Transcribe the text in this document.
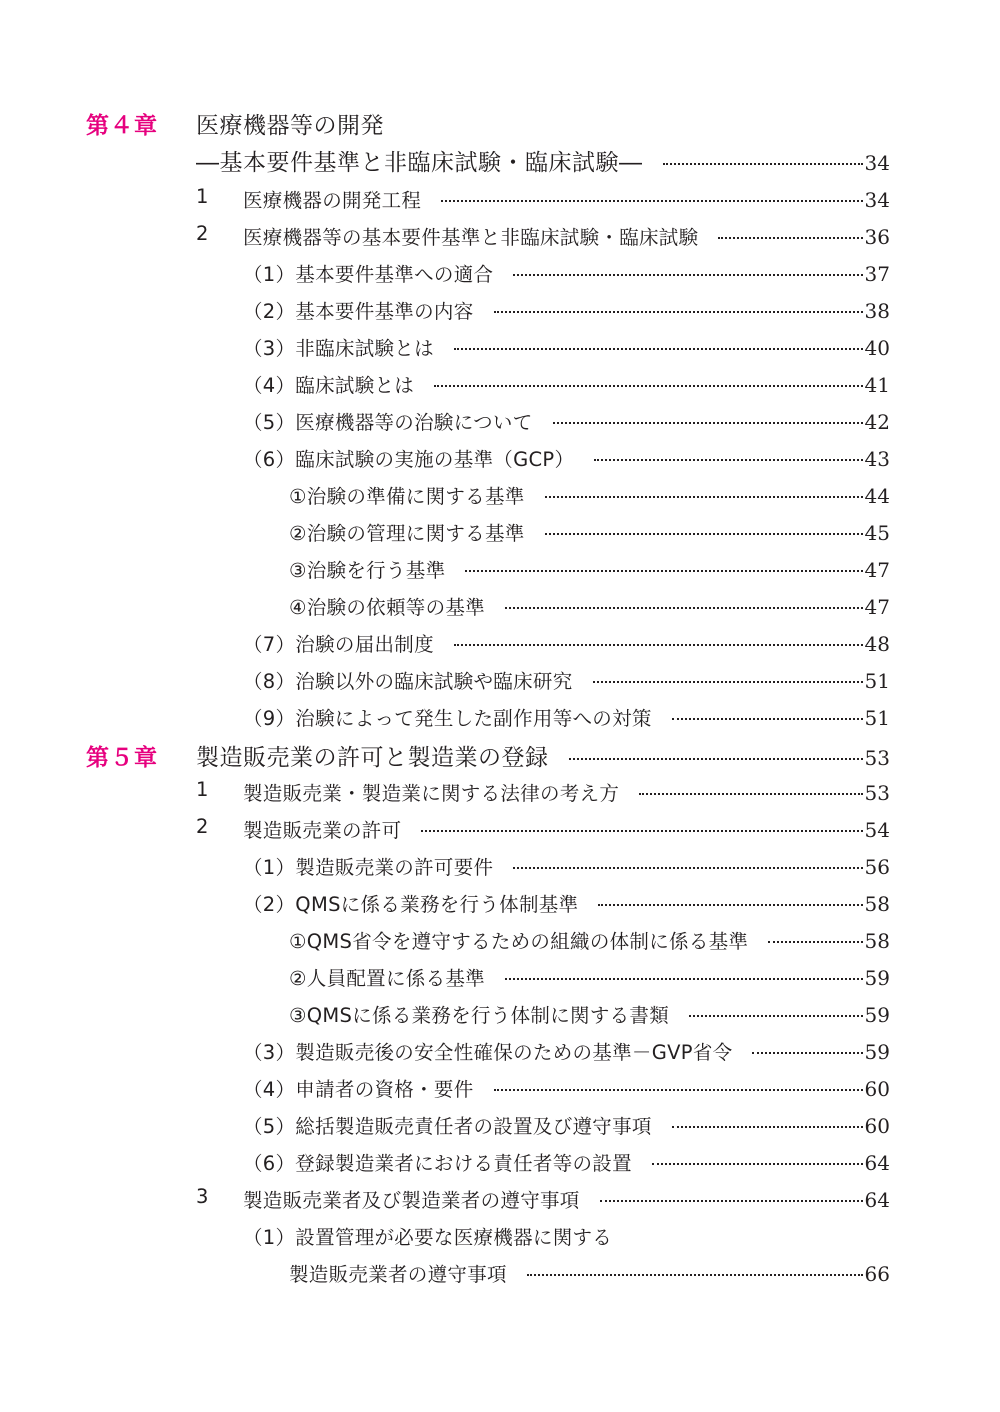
第４章 医療機器等の開発
―基本要件基準と非臨床試験・臨床試験―	34
1 医療機器の開発工程	34
2 医療機器等の基本要件基準と非臨床試験・臨床試験	36
（1）基本要件基準への適合	37
（2）基本要件基準の内容	38
（3）非臨床試験とは	40
（4）臨床試験とは	41
（5）医療機器等の治験について	42
（6）臨床試験の実施の基準（GCP）	43
①治験の準備に関する基準	44
②治験の管理に関する基準	45
③治験を行う基準	47
④治験の依頼等の基準	47
（7）治験の届出制度	48
（8）治験以外の臨床試験や臨床研究	51
（9）治験によって発生した副作用等への対策	51
第５章 製造販売業の許可と製造業の登録	53
1 製造販売業・製造業に関する法律の考え方	53
2 製造販売業の許可	54
（1）製造販売業の許可要件	56
（2）QMSに係る業務を行う体制基準	58
①QMS省令を遵守するための組織の体制に係る基準	58
②人員配置に係る基準	59
③QMSに係る業務を行う体制に関する書類	59
（3）製造販売後の安全性確保のための基準－GVP省令	59
（4）申請者の資格・要件	60
（5）総括製造販売責任者の設置及び遵守事項	60
（6）登録製造業者における責任者等の設置	64
3 製造販売業者及び製造業者の遵守事項	64
（1）設置管理が必要な医療機器に関する
製造販売業者の遵守事項	66
